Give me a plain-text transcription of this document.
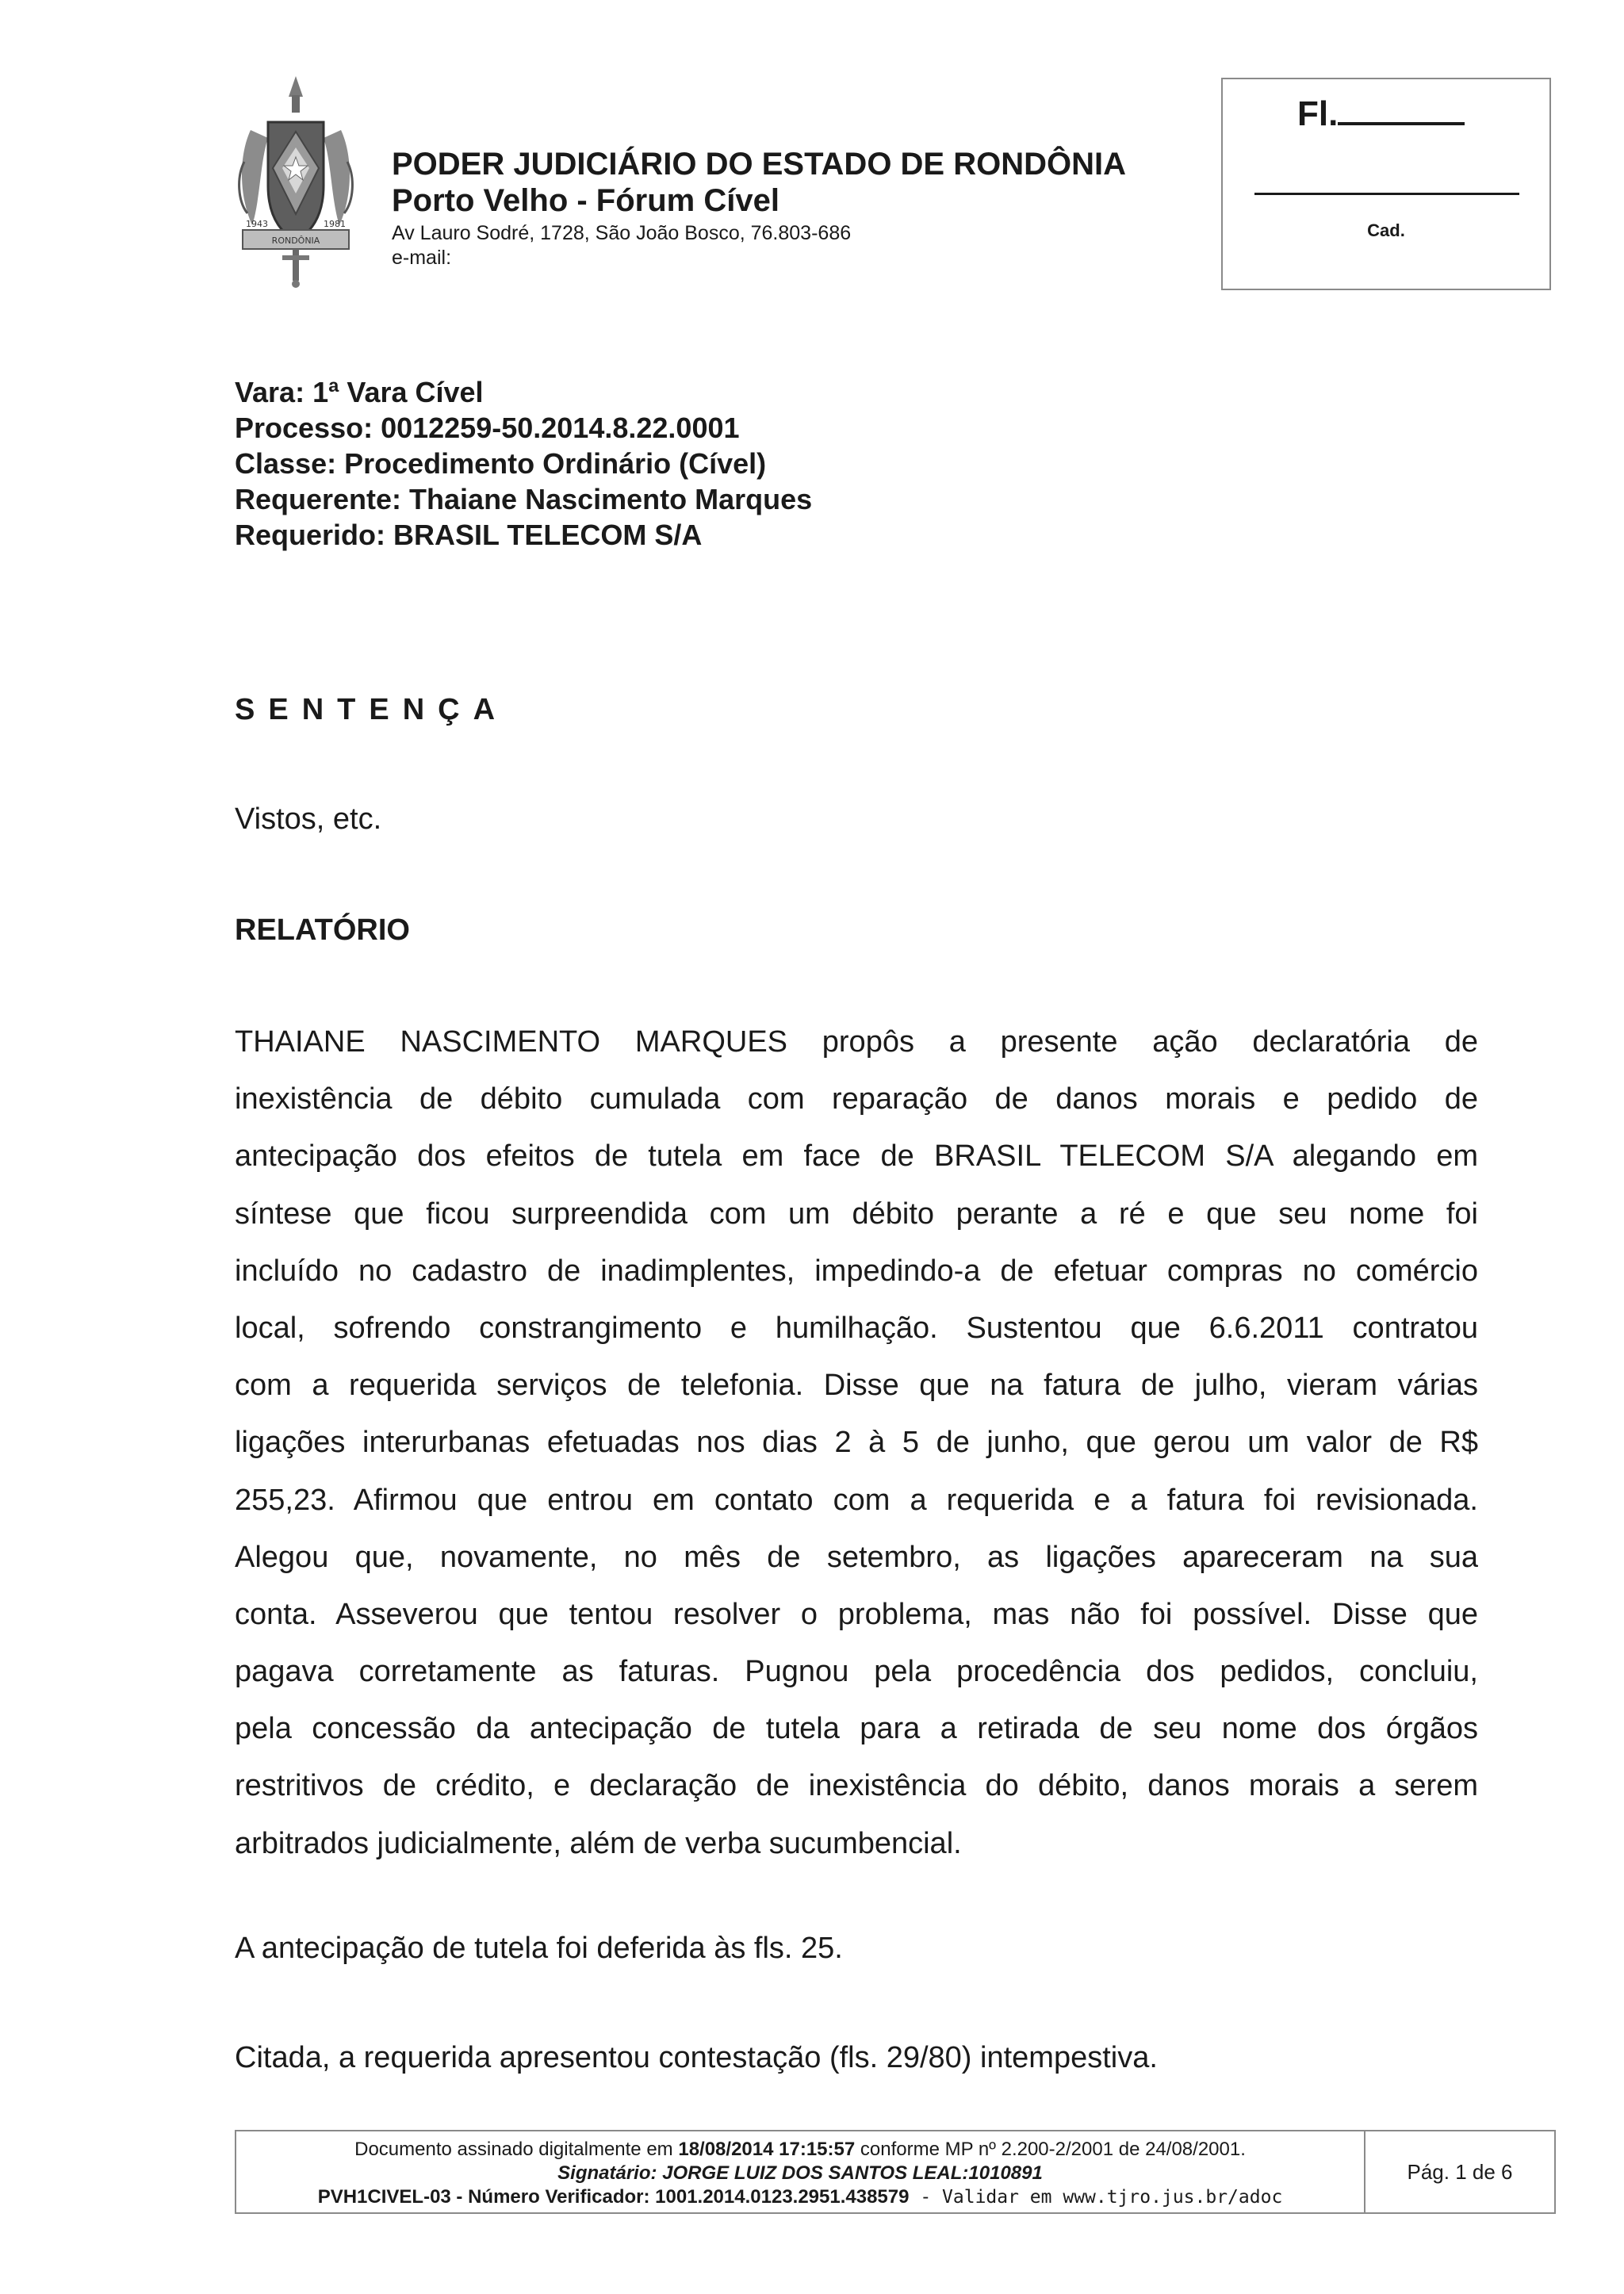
RONDÔNIA
1943	1981
PODER JUDICIÁRIO DO ESTADO DE RONDÔNIA
Porto Velho - Fórum Cível
Av Lauro Sodré, 1728, São João Bosco, 76.803-686
e-mail:
Fl.
Cad.
Vara: 1ª Vara Cível
Processo: 0012259-50.2014.8.22.0001
Classe: Procedimento Ordinário (Cível)
Requerente: Thaiane Nascimento Marques
Requerido: BRASIL TELECOM S/A
SENTENÇA
Vistos, etc.
RELATÓRIO
THAIANE NASCIMENTO MARQUES propôs a presente ação declaratória de
inexistência de débito cumulada com reparação de danos morais e pedido de
antecipação dos efeitos de tutela em face de BRASIL TELECOM S/A alegando em
síntese que ficou surpreendida com um débito perante a ré e que seu nome foi
incluído no cadastro de inadimplentes, impedindo-a de efetuar compras no comércio
local, sofrendo constrangimento e humilhação. Sustentou que 6.6.2011 contratou
com a requerida serviços de telefonia. Disse que na fatura de julho, vieram várias
ligações interurbanas efetuadas nos dias 2 à 5 de junho, que gerou um valor de R$
255,23. Afirmou que entrou em contato com a requerida e a fatura foi revisionada.
Alegou que, novamente, no mês de setembro, as ligações apareceram na sua
conta. Asseverou que tentou resolver o problema, mas não foi possível. Disse que
pagava corretamente as faturas. Pugnou pela procedência dos pedidos, concluiu,
pela concessão da antecipação de tutela para a retirada de seu nome dos órgãos
restritivos de crédito, e declaração de inexistência do débito, danos morais a serem
arbitrados judicialmente, além de verba sucumbencial.
A antecipação de tutela foi deferida às fls. 25.
Citada, a requerida apresentou contestação (fls. 29/80) intempestiva.
Documento assinado digitalmente em 18/08/2014 17:15:57 conforme MP nº 2.200-2/2001 de 24/08/2001.
Signatário: JORGE LUIZ DOS SANTOS LEAL:1010891
PVH1CIVEL-03 - Número Verificador: 1001.2014.0123.2951.438579 - Validar em www.tjro.jus.br/adoc
Pág. 1 de 6
